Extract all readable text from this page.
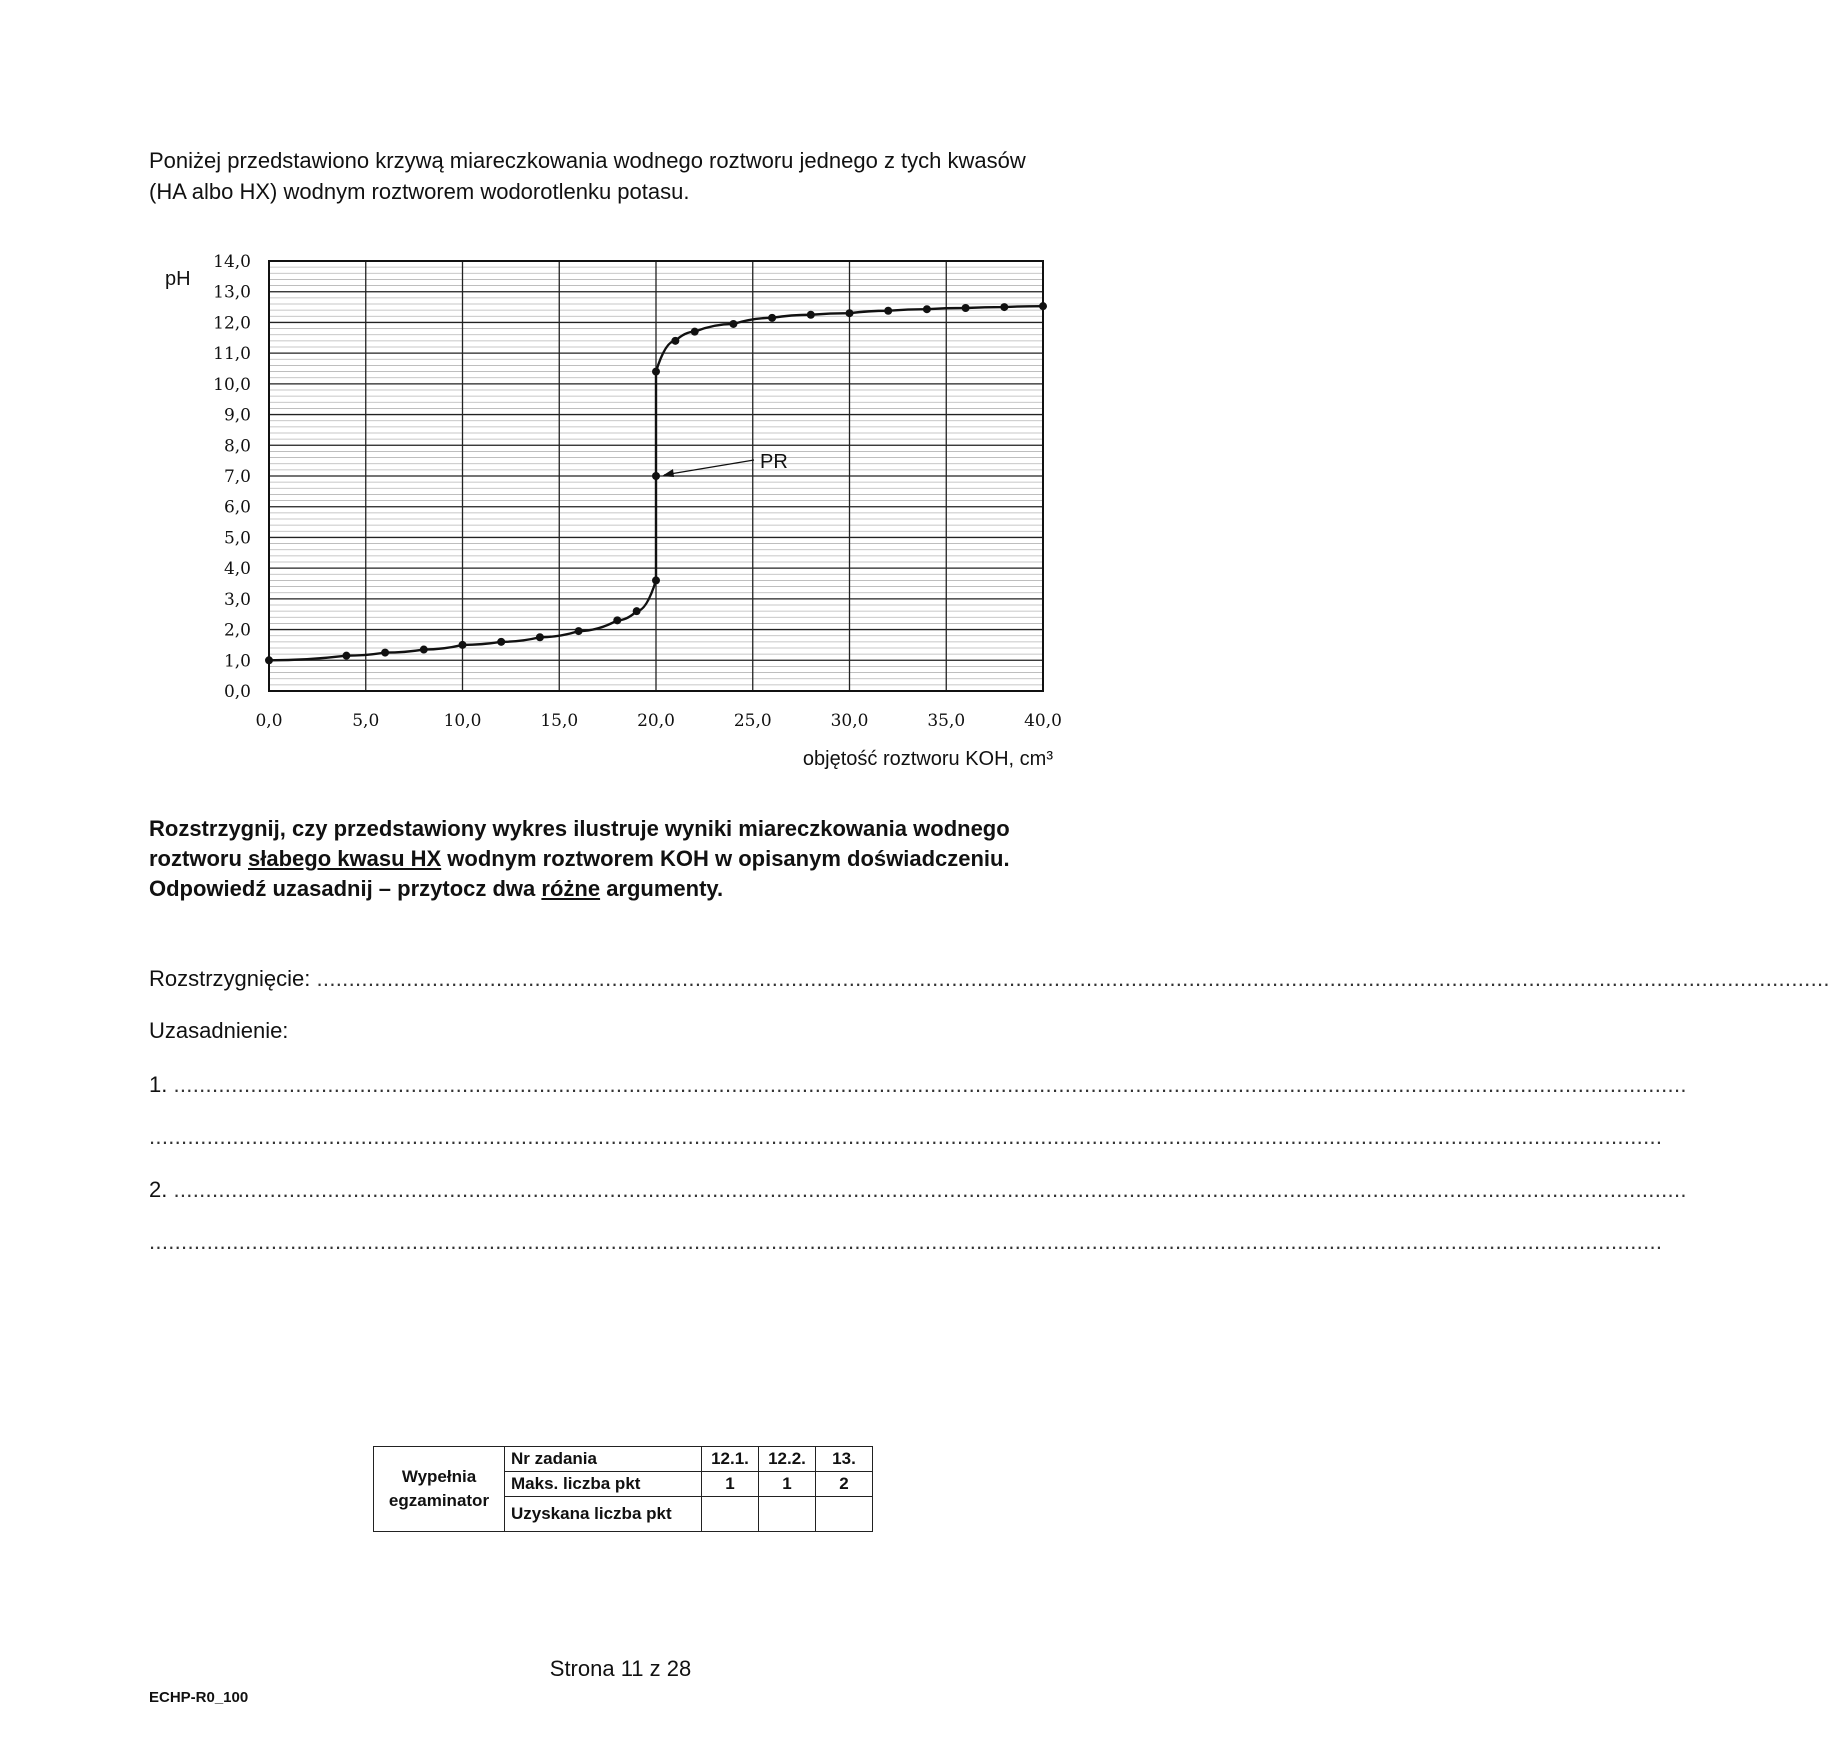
Poniżej przedstawiono krzywą miareczkowania wodnego roztworu jednego z tych kwasów

(HA albo HX) wodnym roztworem wodorotlenku potasu.

0,0
1,0
2,0
3,0
4,0
5,0
6,0
7,0
8,0
9,0
10,0
11,0
12,0
13,0
14,0
0,0	5,0	10,0	15,0	20,0	25,0	30,0	35,0	40,0
PR
pH
objętość roztworu KOH, cm³

Rozstrzygnij, czy przedstawiony wykres ilustruje wyniki miareczkowania wodnego

roztworu słabego kwasu HX wodnym roztworem KOH w opisanym doświadczeniu.

Odpowiedź uzasadnij – przytocz dwa różne argumenty.

Rozstrzygnięcie: ............................................................................................................................................................................................................................................
Uzasadnienie:
1. ............................................................................................................................................................................................................................................
............................................................................................................................................................................................................................................
2. ............................................................................................................................................................................................................................................
............................................................................................................................................................................................................................................
Wypełnia
egzaminator	Nr zadania	12.1.	12.2.	13.
	Maks. liczba pkt	1	1	2
	Uzyskana liczba pkt			
Strona 11 z 28
ECHP-R0_100
